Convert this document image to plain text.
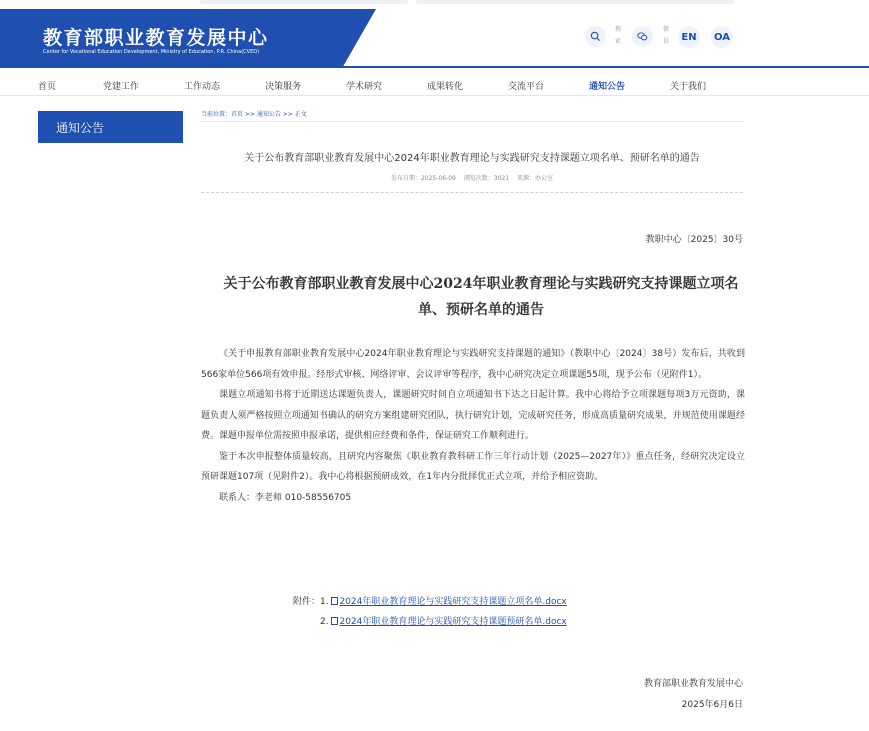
教育部职业教育发展中心
Center for Vocational Education Development, Ministry of Education, P.R. China(CVED)
搜索
微信	EN	OA
首页	党建工作	工作动态	决策服务	学术研究	成果转化	交流平台	通知公告	关于我们
通知公告
当前位置：首页 >> 通知公告 >> 正文
关于公布教育部职业教育发展中心2024年职业教育理论与实践研究支持课题立项名单、预研名单的通告
发布日期：2025-06-09 浏览次数：3021 来源：办公室
教职中心〔2025〕30号
关于公布教育部职业教育发展中心2024年职业教育理论与实践研究支持课题立项名
单、预研名单的通告

《关于申报教育部职业教育发展中心2024年职业教育理论与实践研究支持课题的通知》（教职中心〔2024〕38号）发布后，共收到566家单位566项有效申报。经形式审核、网络评审、会议评审等程序，我中心研究决定立项课题55项，现予公布（见附件1）。

课题立项通知书将于近期送达课题负责人，课题研究时间自立项通知书下达之日起计算。我中心将给予立项课题每项3万元资助，课题负责人须严格按照立项通知书确认的研究方案组建研究团队，执行研究计划，完成研究任务，形成高质量研究成果，并规范使用课题经费。课题申报单位需按照申报承诺，提供相应经费和条件，保证研究工作顺利进行。

鉴于本次申报整体质量较高，且研究内容聚焦《职业教育教科研工作三年行动计划（2025—2027年）》重点任务，经研究决定设立预研课题107项（见附件2）。我中心将根据预研成效，在1年内分批择优正式立项，并给予相应资助。

联系人：李老师 010-58556705

附件：1. 2024年职业教育理论与实践研究支持课题立项名单.docx
2. 2024年职业教育理论与实践研究支持课题预研名单.docx
教育部职业教育发展中心
2025年6月6日
